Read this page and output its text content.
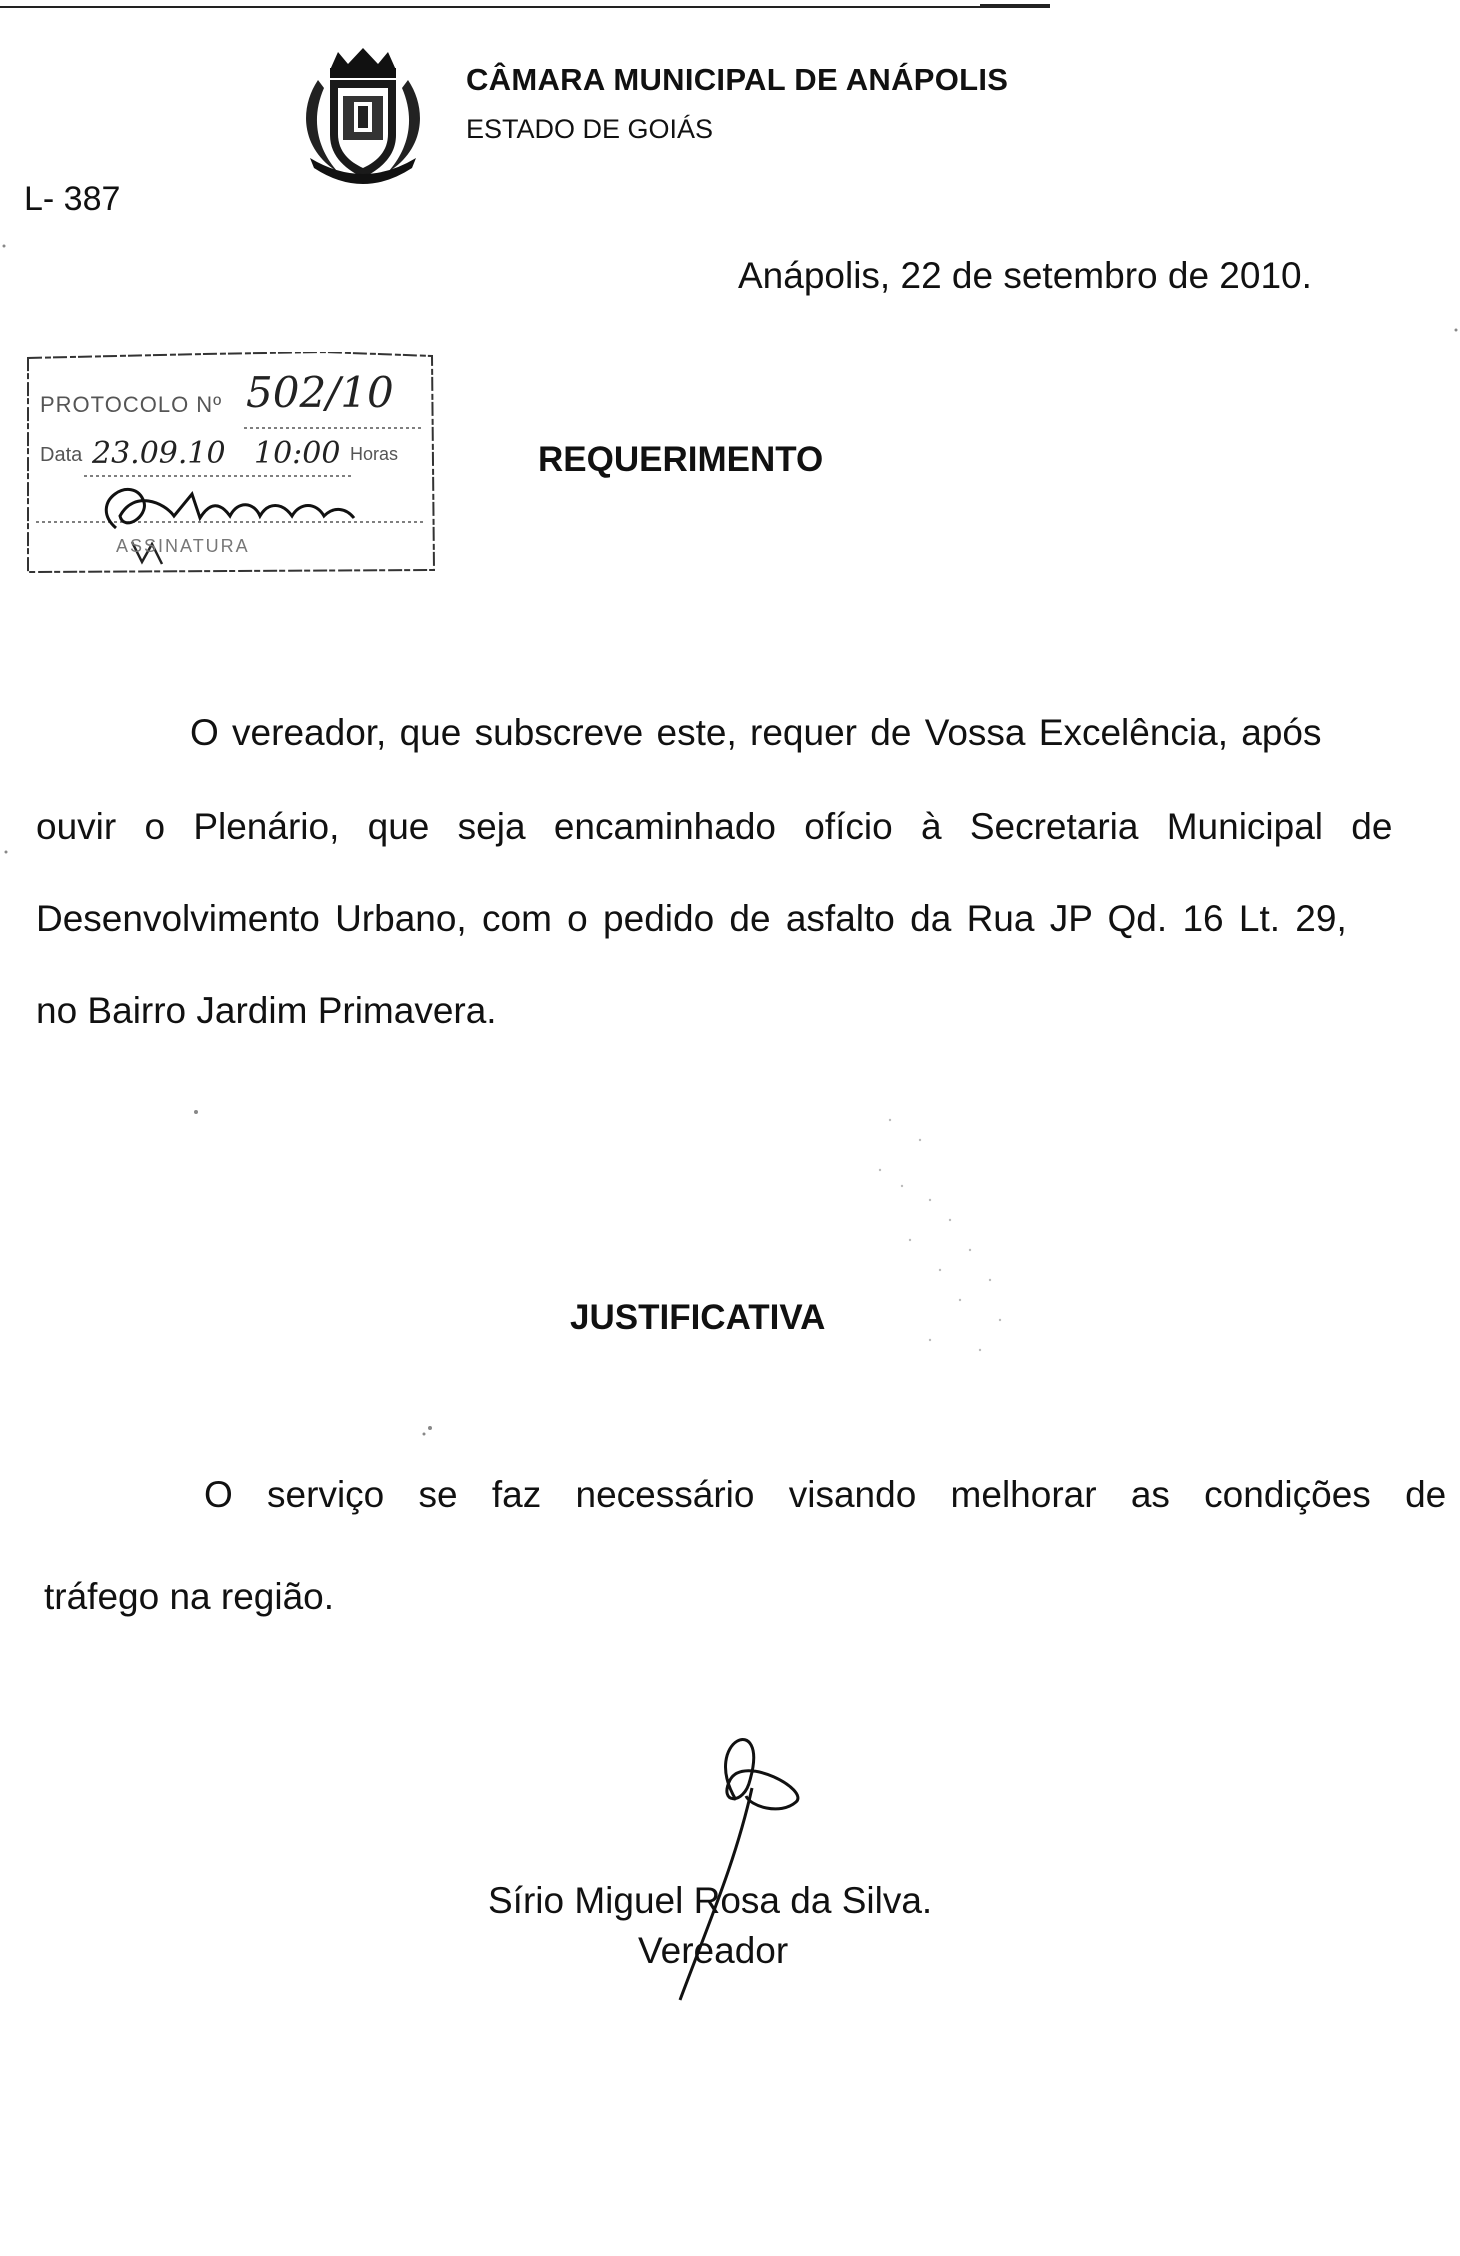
CÂMARA MUNICIPAL DE ANÁPOLIS
ESTADO DE GOIÁS
L- 387
Anápolis, 22 de setembro de 2010.
PROTOCOLO Nº 502/10
Data 23.09.10 10:00 Horas
ASSINATURA
REQUERIMENTO
O vereador, que subscreve este, requer de Vossa Excelência, após
ouvir o Plenário, que seja encaminhado ofício à Secretaria Municipal de
Desenvolvimento Urbano, com o pedido de asfalto da Rua JP Qd. 16 Lt. 29,
no Bairro Jardim Primavera.
JUSTIFICATIVA
O serviço se faz necessário visando melhorar as condições de
tráfego na região.
Sírio Miguel Rosa da Silva.
Vereador
